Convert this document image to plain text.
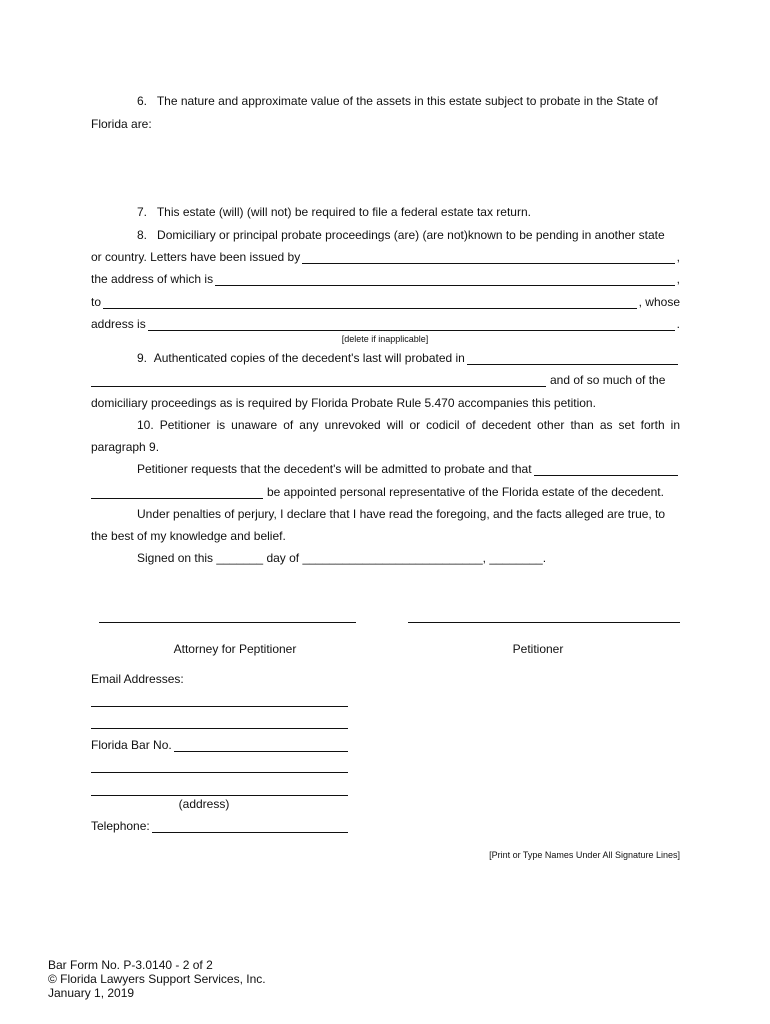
6. The nature and approximate value of the assets in this estate subject to probate in the State of
Florida are:
7. This estate (will) (will not) be required to file a federal estate tax return.
8. Domiciliary or principal probate proceedings (are) (are not)known to be pending in another state
or country. Letters have been issued by	,
the address of which is	,
to	, whose
address is	.
[delete if inapplicable]
9.
Authenticated copies of the decedent's last will probated in
and of so much of the
domiciliary proceedings as is required by Florida Probate Rule 5.470 accompanies this petition.
10. Petitioner is unaware of any unrevoked will or codicil of decedent other than as set forth in
paragraph 9.
Petitioner requests that the decedent's will be admitted to probate and that
be appointed personal representative of the Florida estate of the decedent.
Under penalties of perjury, I declare that I have read the foregoing, and the facts alleged are true, to
the best of my knowledge and belief.
Signed on this _______ day of ___________________________, ________.
Attorney for Peptitioner	Petitioner
Email Addresses:
Florida Bar No.
(address)
Telephone:
[Print or Type Names Under All Signature Lines]
Bar Form No. P-3.0140 - 2 of 2
© Florida Lawyers Support Services, Inc.
January 1, 2019
